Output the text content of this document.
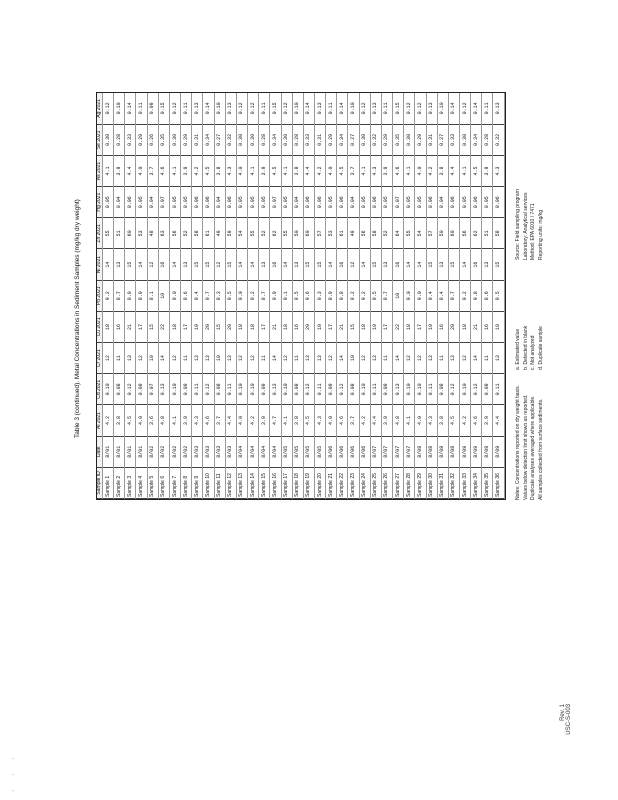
· · ·
Table 3 (continued). Metal Concentrations in Sediment Samples (mg/kg dry weight)
Sample ID	Date	Al 2021	Cd 2021	Cr 2021	Cu 2021	Pb 2021	Ni 2021	Zn 2021	Hg 2021	As 2021	Se 2021	Ag 2021
Sample 1	8/01	4.2	0.10	12	18	9.2	14	55	0.05	4.1	0.30	0.12
Sample 2	8/01	3.8	0.08	11	16	8.7	13	51	0.04	3.9	0.28	0.10
Sample 3	8/01	4.5	0.12	13	21	9.9	15	60	0.06	4.4	0.33	0.14
Sample 4	8/01	4.0	0.09	12	17	8.9	14	53	0.05	4.0	0.29	0.11
Sample 5	8/02	3.6	0.07	10	15	8.1	12	48	0.04	3.7	0.26	0.09
Sample 6	8/02	4.8	0.13	14	22	10	16	63	0.07	4.6	0.35	0.15
Sample 7	8/02	4.1	0.10	12	18	9.0	14	56	0.05	4.1	0.30	0.12
Sample 8	8/02	3.9	0.09	11	17	8.6	13	52	0.05	3.9	0.29	0.11
Sample 9	8/03	4.3	0.11	13	19	9.4	15	58	0.06	4.2	0.31	0.13
Sample 10	8/03	4.6	0.12	13	20	9.7	15	61	0.06	4.5	0.34	0.14
Sample 11	8/03	3.7	0.08	10	15	8.3	12	49	0.04	3.8	0.27	0.10
Sample 12	8/03	4.4	0.11	13	20	9.5	15	59	0.06	4.3	0.32	0.13
Sample 13	8/04	4.0	0.10	12	18	9.0	14	54	0.05	4.0	0.30	0.12
Sample 14	8/04	4.2	0.10	12	18	9.2	14	55	0.05	4.1	0.30	0.12
Sample 15	8/04	3.9	0.09	11	17	8.7	13	52	0.05	3.9	0.28	0.11
Sample 16	8/04	4.7	0.13	14	21	9.9	16	62	0.07	4.5	0.34	0.15
Sample 17	8/05	4.1	0.10	12	18	9.1	14	55	0.05	4.1	0.30	0.12
Sample 18	8/05	3.8	0.08	11	16	8.5	13	50	0.04	3.8	0.28	0.10
Sample 19	8/05	4.5	0.12	13	20	9.6	15	60	0.06	4.4	0.33	0.14
Sample 20	8/05	4.3	0.11	13	19	9.3	15	57	0.06	4.2	0.31	0.13
Sample 21	8/06	4.0	0.09	12	17	8.9	14	53	0.05	4.0	0.29	0.11
Sample 22	8/06	4.6	0.12	14	21	9.8	16	61	0.06	4.5	0.34	0.14
Sample 23	8/06	3.7	0.08	10	15	8.2	12	49	0.04	3.7	0.27	0.10
Sample 24	8/06	4.2	0.10	12	18	9.2	14	56	0.05	4.1	0.30	0.12
Sample 25	8/07	4.4	0.11	13	19	9.5	15	58	0.06	4.3	0.32	0.13
Sample 26	8/07	3.9	0.09	11	17	8.7	13	52	0.05	3.9	0.28	0.11
Sample 27	8/07	4.8	0.13	14	22	10	16	64	0.07	4.6	0.35	0.15
Sample 28	8/07	4.1	0.10	12	18	9.0	14	55	0.05	4.1	0.30	0.12
Sample 29	8/08	4.0	0.10	12	17	9.0	14	54	0.05	4.0	0.29	0.12
Sample 30	8/08	4.3	0.11	13	19	9.4	15	57	0.06	4.2	0.31	0.13
Sample 31	8/08	3.8	0.08	11	16	8.4	13	50	0.04	3.8	0.27	0.10
Sample 32	8/08	4.5	0.12	13	20	9.7	15	60	0.06	4.4	0.33	0.14
Sample 33	8/09	4.2	0.10	12	18	9.2	14	56	0.05	4.1	0.30	0.12
Sample 34	8/09	4.6	0.12	14	21	9.8	16	62	0.06	4.5	0.34	0.14
Sample 35	8/09	3.9	0.09	11	16	8.6	13	51	0.05	3.9	0.28	0.11
Sample 36	8/09	4.4	0.11	13	19	9.5	15	58	0.06	4.3	0.32	0.13
Notes: Concentrations reported on dry weight basis. Values below detection limit shown as reported. Duplicate analyses averaged where applicable. All samples collected from surface sediments.
a. Estimated value b. Detected in blank c. Not analyzed d. Duplicate sample
Source: Field sampling program Laboratory: Analytical services Method: EPA 6010 / 7471 Reporting units: mg/kg
Rev. 1 USC-S-003
